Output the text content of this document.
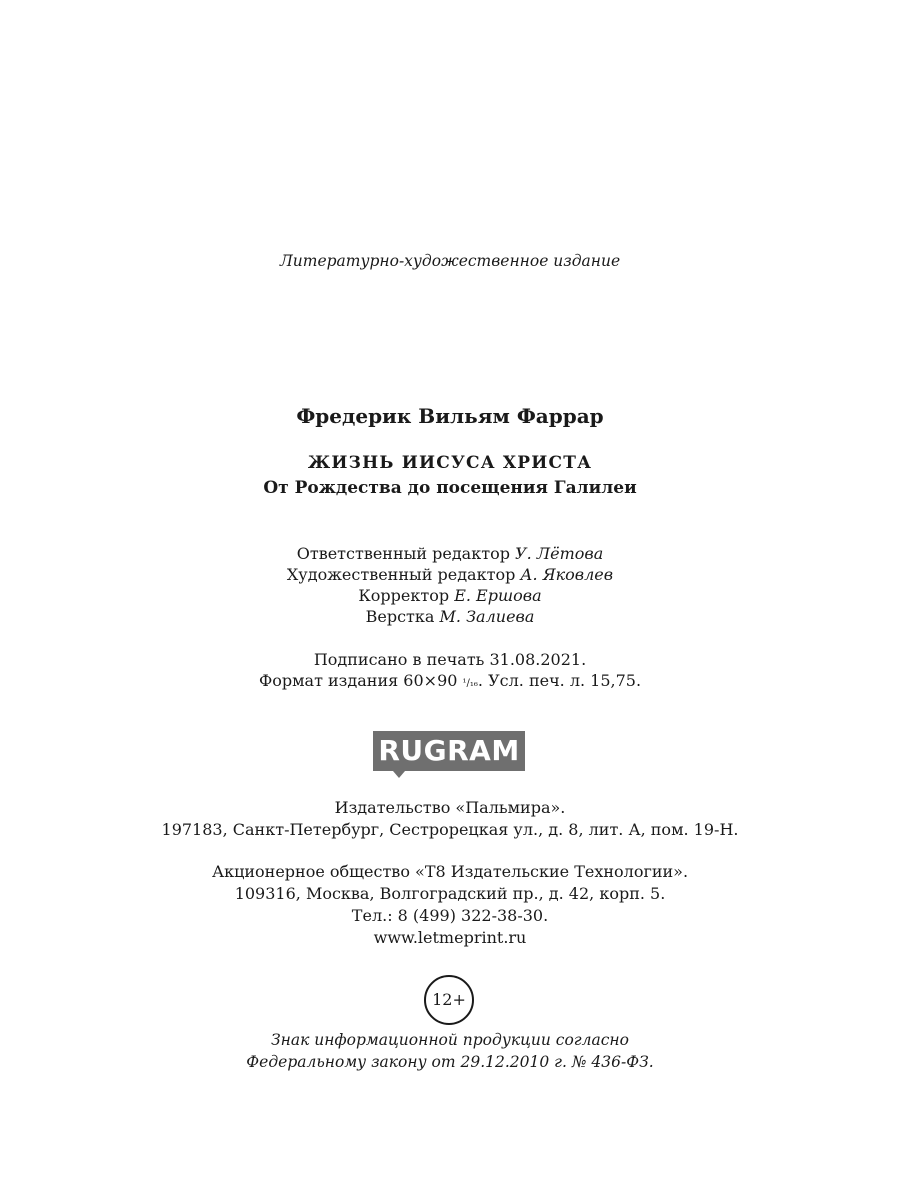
Литературно-художественное издание
Фредерик Вильям Фаррар
ЖИЗНЬ ИИСУСА ХРИСТА
От Рождества до посещения Галилеи
Ответственный редактор У. Лётова
Художественный редактор А. Яковлев
Корректор Е. Ершова
Верстка М. Залиева
Подписано в печать 31.08.2021.
Формат издания 60×90 ¹/₁₆. Усл. печ. л. 15,75.
RUGRAM
Издательство «Пальмира».
197183, Санкт-Петербург, Сестрорецкая ул., д. 8, лит. А, пом. 19-Н.
Акционерное общество «Т8 Издательские Технологии».
109316, Москва, Волгоградский пр., д. 42, корп. 5.
Тел.: 8 (499) 322-38-30.
www.letmeprint.ru
12+
Знак информационной продукции согласно
Федеральному закону от 29.12.2010 г. № 436-ФЗ.
